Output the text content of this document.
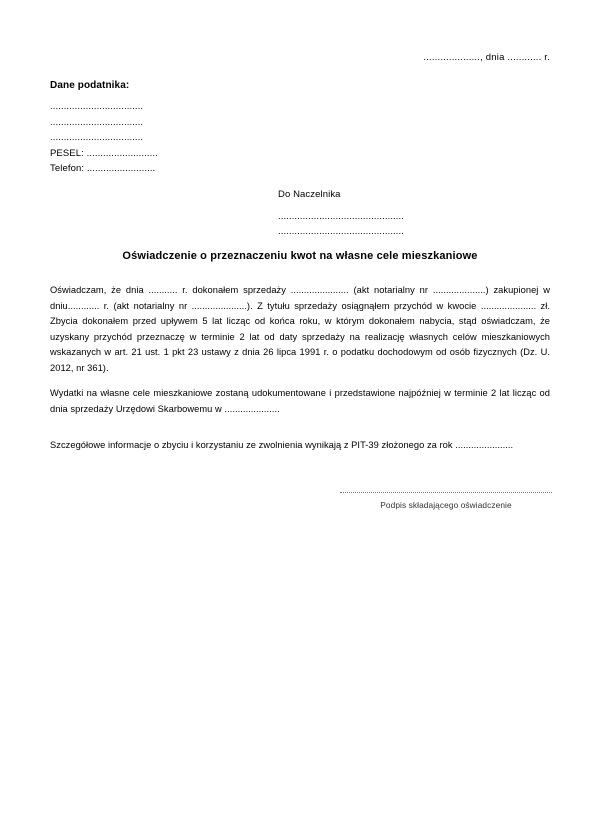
...................., dnia ............ r.
Dane podatnika:
..................................
..................................
..................................
PESEL: ..........................
Telefon: .........................
Do Naczelnika
..............................................
..............................................
Oświadczenie o przeznaczeniu kwot na własne cele mieszkaniowe
Oświadczam, że dnia ........... r. dokonałem sprzedaży ...................... (akt notarialny nr ....................) zakupionej w dniu............ r. (akt notarialny nr .....................). Z tytułu sprzedaży osiągnąłem przychód w kwocie ..................... zł. Zbycia dokonałem przed upływem 5 lat licząc od końca roku, w którym dokonałem nabycia, stąd oświadczam, że uzyskany przychód przeznaczę w terminie 2 lat od daty sprzedaży na realizację własnych celów mieszkaniowych wskazanych w art. 21 ust. 1 pkt 23 ustawy z dnia 26 lipca 1991 r. o podatku dochodowym od osób fizycznych (Dz. U. 2012, nr 361).
Wydatki na własne cele mieszkaniowe zostaną udokumentowane i przedstawione najpóźniej w terminie 2 lat licząc od dnia sprzedaży Urzędowi Skarbowemu w .....................
Szczegółowe informacje o zbyciu i korzystaniu ze zwolnienia wynikają z PIT-39 złożonego za rok ......................
Podpis składającego oświadczenie
